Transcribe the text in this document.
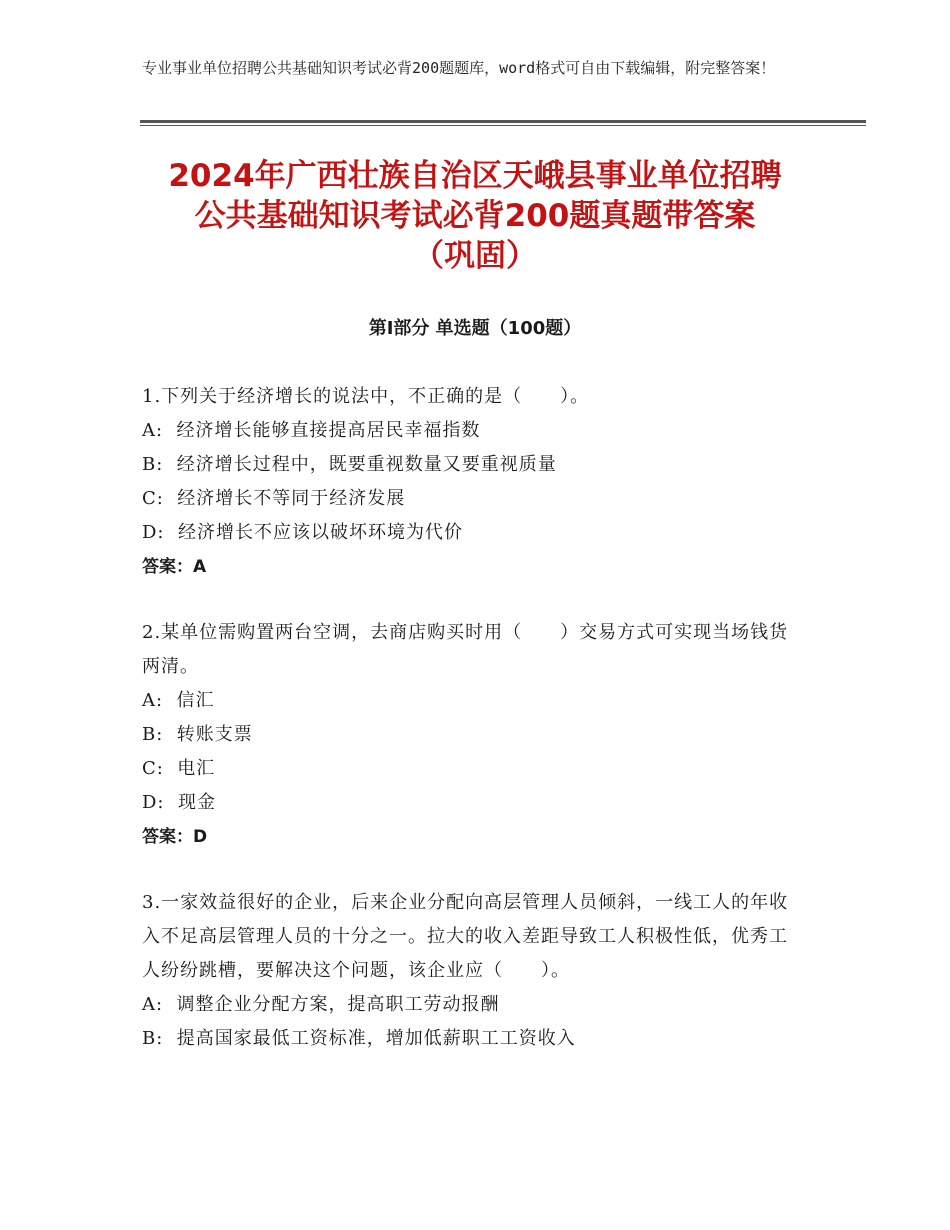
专业事业单位招聘公共基础知识考试必背200题题库，word格式可自由下载编辑，附完整答案！
2024年广西壮族自治区天峨县事业单位招聘
公共基础知识考试必背200题真题带答案
（巩固）
第Ⅰ部分 单选题（100题）
1.下列关于经济增长的说法中，不正确的是（　　）。
A:  经济增长能够直接提高居民幸福指数
B:  经济增长过程中，既要重视数量又要重视质量
C:  经济增长不等同于经济发展
D:  经济增长不应该以破坏环境为代价
答案：A
2.某单位需购置两台空调，去商店购买时用（　　）交易方式可实现当场钱货两清。
A:  信汇
B:  转账支票
C:  电汇
D:  现金
答案：D
3.一家效益很好的企业，后来企业分配向高层管理人员倾斜，一线工人的年收入不足高层管理人员的十分之一。拉大的收入差距导致工人积极性低，优秀工人纷纷跳槽，要解决这个问题，该企业应（　　）。
A:  调整企业分配方案，提高职工劳动报酬
B:  提高国家最低工资标准，增加低薪职工工资收入
